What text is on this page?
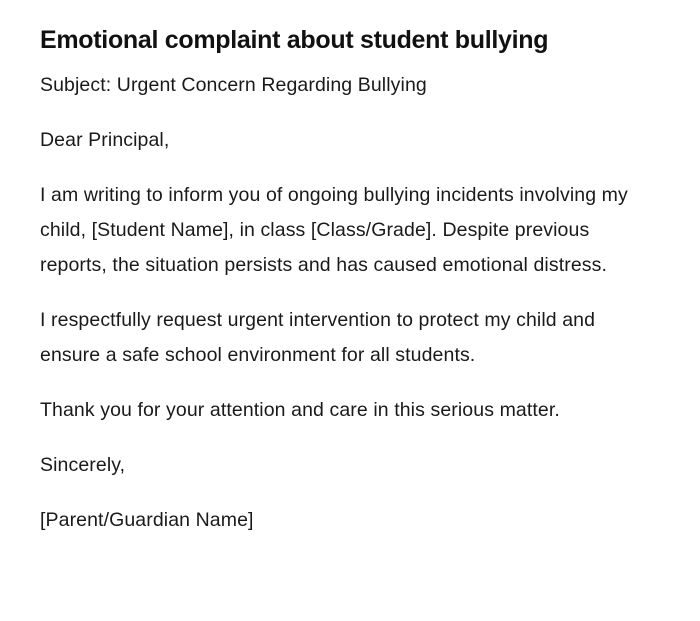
Emotional complaint about student bullying

Subject: Urgent Concern Regarding Bullying

Dear Principal,

I am writing to inform you of ongoing bullying incidents involving my child, [Student Name], in class [Class/Grade]. Despite previous reports, the situation persists and has caused emotional distress.

I respectfully request urgent intervention to protect my child and ensure a safe school environment for all students.

Thank you for your attention and care in this serious matter.

Sincerely,

[Parent/Guardian Name]
